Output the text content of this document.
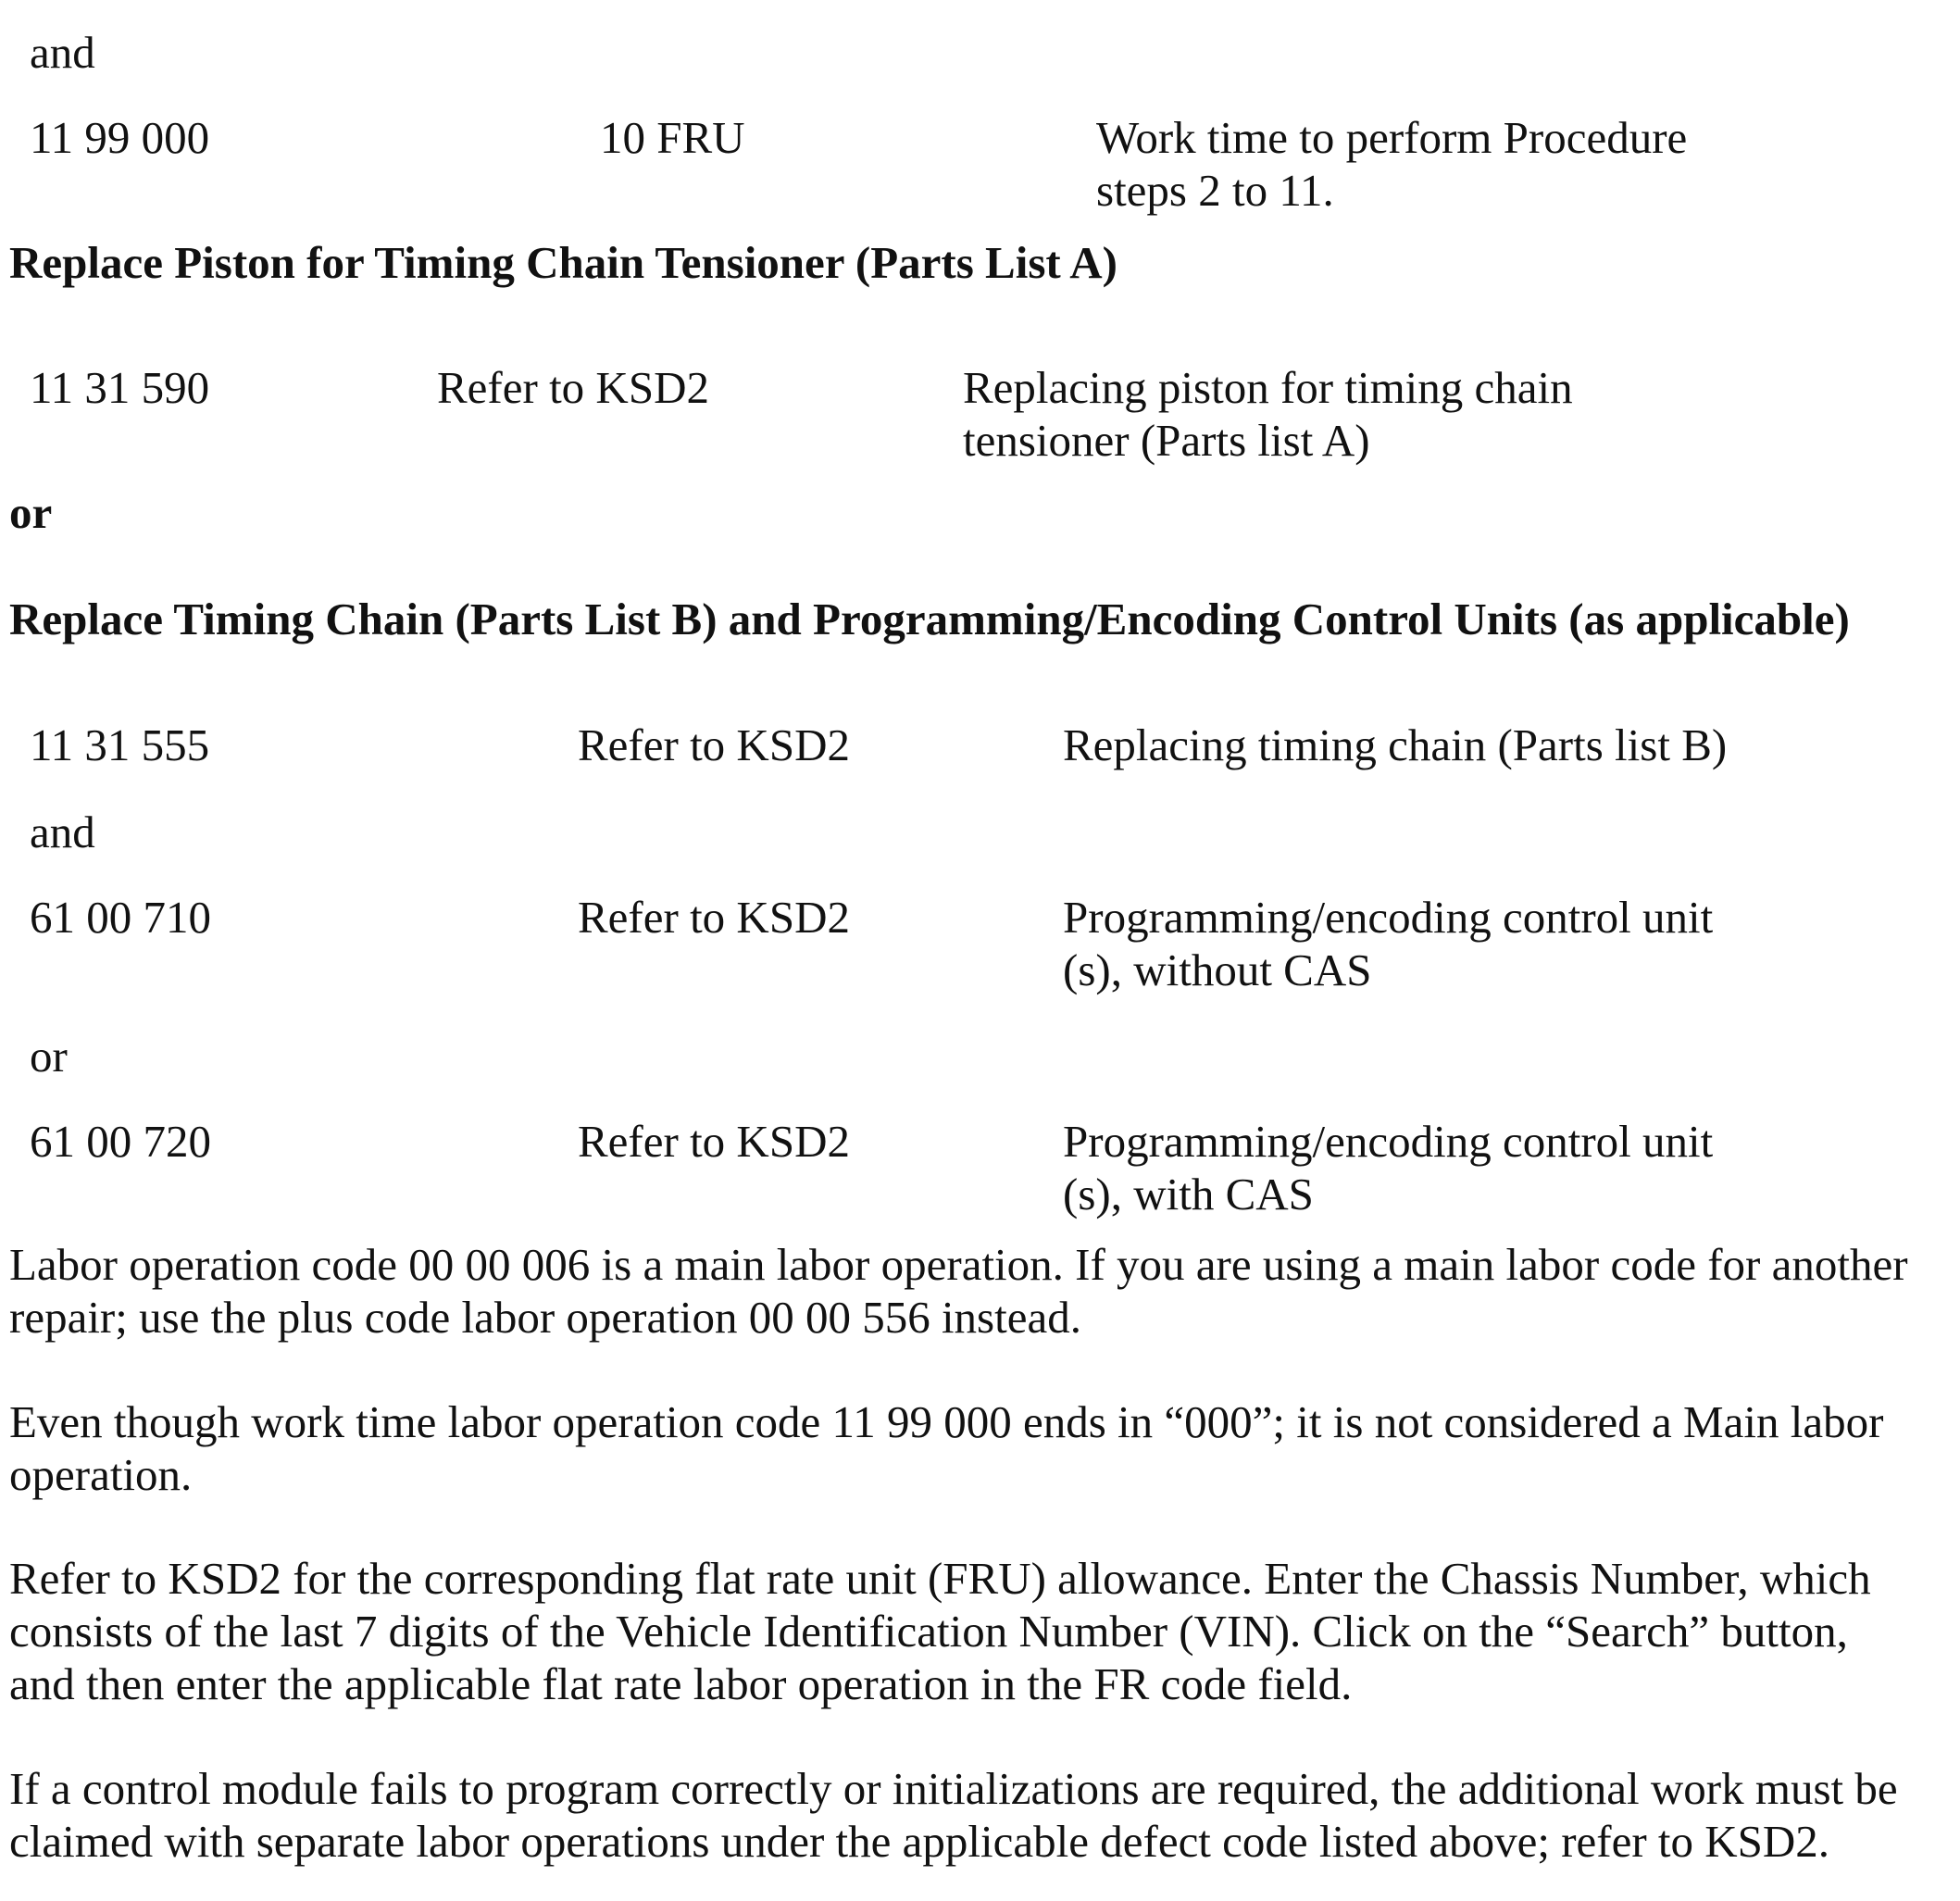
and

11 99 000	10 FRU	Work time to perform Procedure

steps 2 to 11.

Replace Piston for Timing Chain Tensioner (Parts List A)

11 31 590	Refer to KSD2	Replacing piston for timing chain

tensioner (Parts list A)

or

Replace Timing Chain (Parts List B) and Programming/Encoding Control Units (as applicable)

11 31 555	Refer to KSD2	Replacing timing chain (Parts list B)

and

61 00 710	Refer to KSD2	Programming/encoding control unit

(s), without CAS

or

61 00 720	Refer to KSD2	Programming/encoding control unit

(s), with CAS

Labor operation code 00 00 006 is a main labor operation. If you are using a main labor code for another

repair; use the plus code labor operation 00 00 556 instead.

Even though work time labor operation code 11 99 000 ends in “000”; it is not considered a Main labor

operation.

Refer to KSD2 for the corresponding flat rate unit (FRU) allowance. Enter the Chassis Number, which

consists of the last 7 digits of the Vehicle Identification Number (VIN). Click on the “Search” button,

and then enter the applicable flat rate labor operation in the FR code field.

If a control module fails to program correctly or initializations are required, the additional work must be

claimed with separate labor operations under the applicable defect code listed above; refer to KSD2.
